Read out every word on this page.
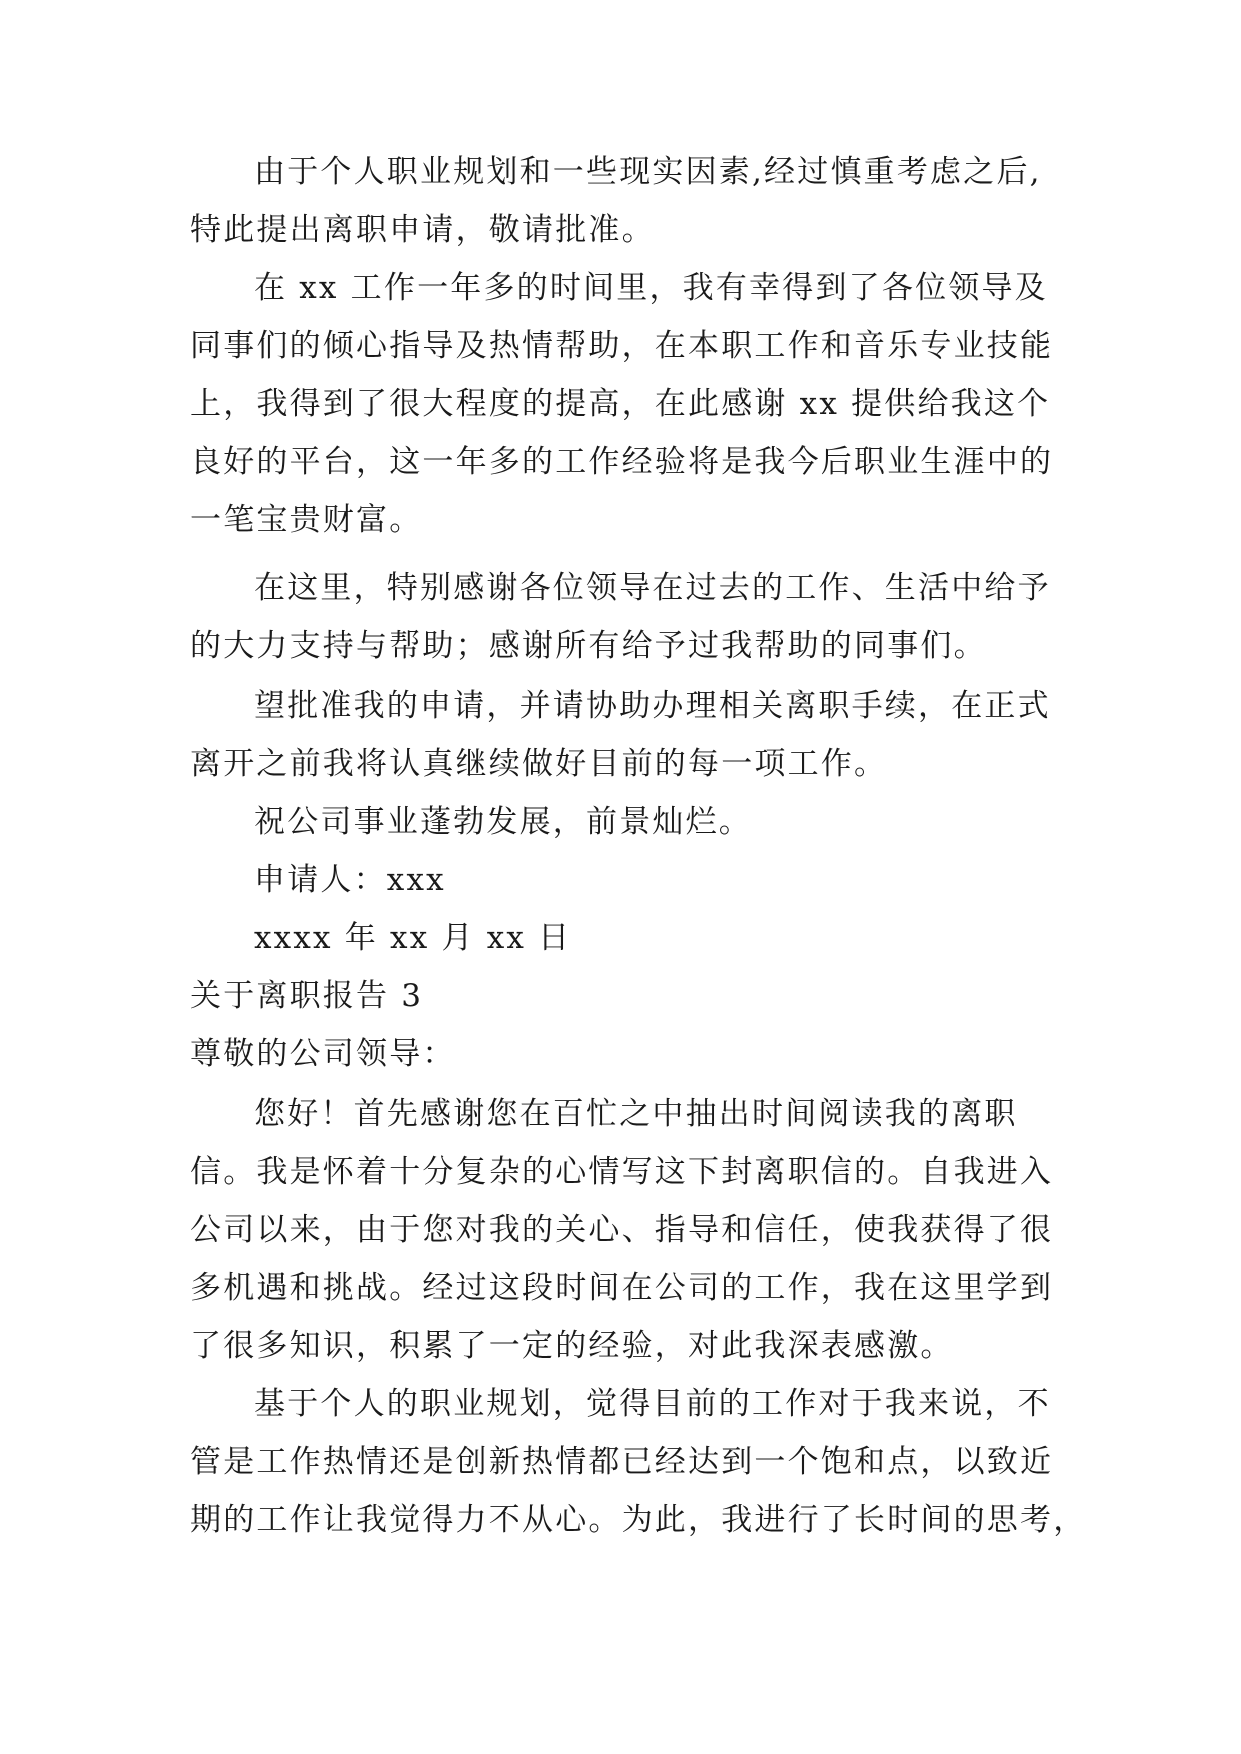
由于个人职业规划和一些现实因素,经过慎重考虑之后,
特此提出离职申请，敬请批准。
在 xx 工作一年多的时间里，我有幸得到了各位领导及
同事们的倾心指导及热情帮助，在本职工作和音乐专业技能
上，我得到了很大程度的提高，在此感谢 xx 提供给我这个
良好的平台，这一年多的工作经验将是我今后职业生涯中的
一笔宝贵财富。
在这里，特别感谢各位领导在过去的工作、生活中给予
的大力支持与帮助；感谢所有给予过我帮助的同事们。
望批准我的申请，并请协助办理相关离职手续，在正式
离开之前我将认真继续做好目前的每一项工作。
祝公司事业蓬勃发展，前景灿烂。
申请人：xxx
xxxx 年 xx 月 xx 日
关于离职报告 3
尊敬的公司领导：
您好！首先感谢您在百忙之中抽出时间阅读我的离职
信。我是怀着十分复杂的心情写这下封离职信的。自我进入
公司以来，由于您对我的关心、指导和信任，使我获得了很
多机遇和挑战。经过这段时间在公司的工作，我在这里学到
了很多知识，积累了一定的经验，对此我深表感激。
基于个人的职业规划，觉得目前的工作对于我来说，不
管是工作热情还是创新热情都已经达到一个饱和点，以致近
期的工作让我觉得力不从心。为此，我进行了长时间的思考，
